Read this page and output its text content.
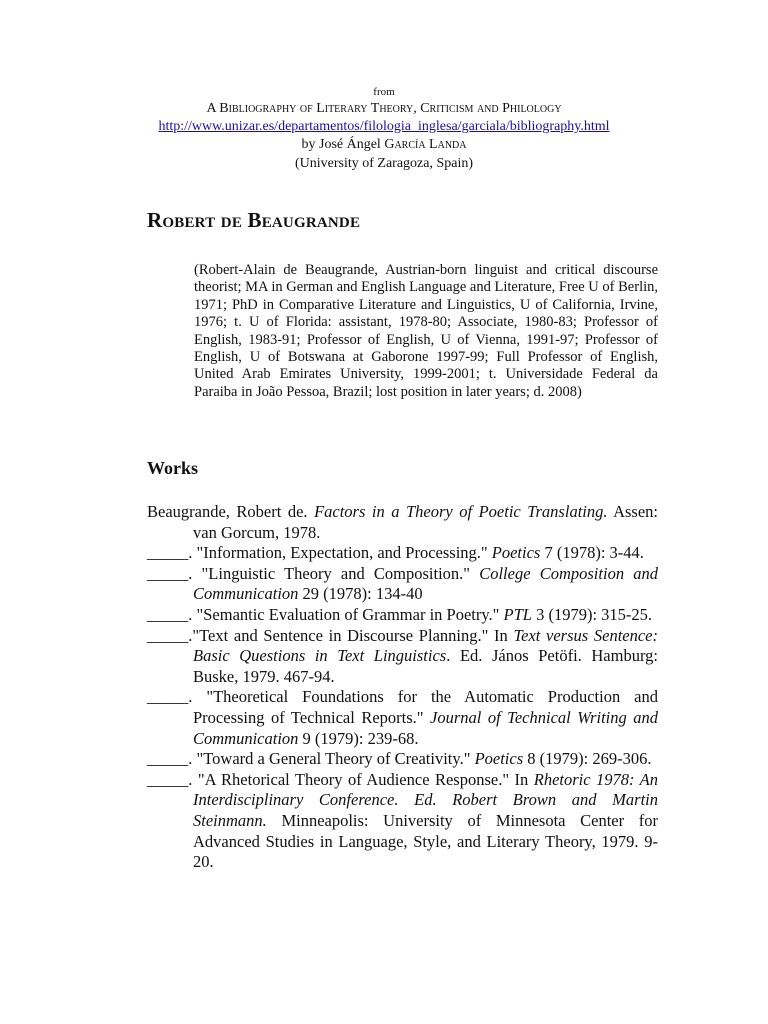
from
A Bibliography of Literary Theory, Criticism and Philology
http://www.unizar.es/departamentos/filologia_inglesa/garciala/bibliography.html
by José Ángel García Landa
(University of Zaragoza, Spain)
Robert de Beaugrande

(Robert-Alain de Beaugrande, Austrian-born linguist and critical discourse theorist; MA in German and English Language and Literature, Free U of Berlin, 1971; PhD in Comparative Literature and Linguistics, U of California, Irvine, 1976; t. U of Florida: assistant, 1978-80; Associate, 1980-83; Professor of English, 1983-91; Professor of English, U of Vienna, 1991-97; Professor of English, U of Botswana at Gaborone 1997-99; Full Professor of English, United Arab Emirates University, 1999-2001; t. Universidade Federal da Paraiba in João Pessoa, Brazil; lost position in later years; d. 2008)

Works
Beaugrande, Robert de. Factors in a Theory of Poetic Translating. Assen: van Gorcum, 1978.
_____. "Information, Expectation, and Processing." Poetics 7 (1978): 3-44.
_____. "Linguistic Theory and Composition." College Composition and Communication 29 (1978): 134-40
_____. "Semantic Evaluation of Grammar in Poetry." PTL 3 (1979): 315-25.
_____."Text and Sentence in Discourse Planning." In Text versus Sentence: Basic Questions in Text Linguistics. Ed. János Petöfi. Hamburg: Buske, 1979. 467-94.
_____. "Theoretical Foundations for the Automatic Production and Processing of Technical Reports." Journal of Technical Writing and Communication 9 (1979): 239-68.
_____. "Toward a General Theory of Creativity." Poetics 8 (1979): 269-306.
_____. "A Rhetorical Theory of Audience Response." In Rhetoric 1978: An Interdisciplinary Conference. Ed. Robert Brown and Martin Steinmann. Minneapolis: University of Minnesota Center for Advanced Studies in Language, Style, and Literary Theory, 1979. 9-20.
